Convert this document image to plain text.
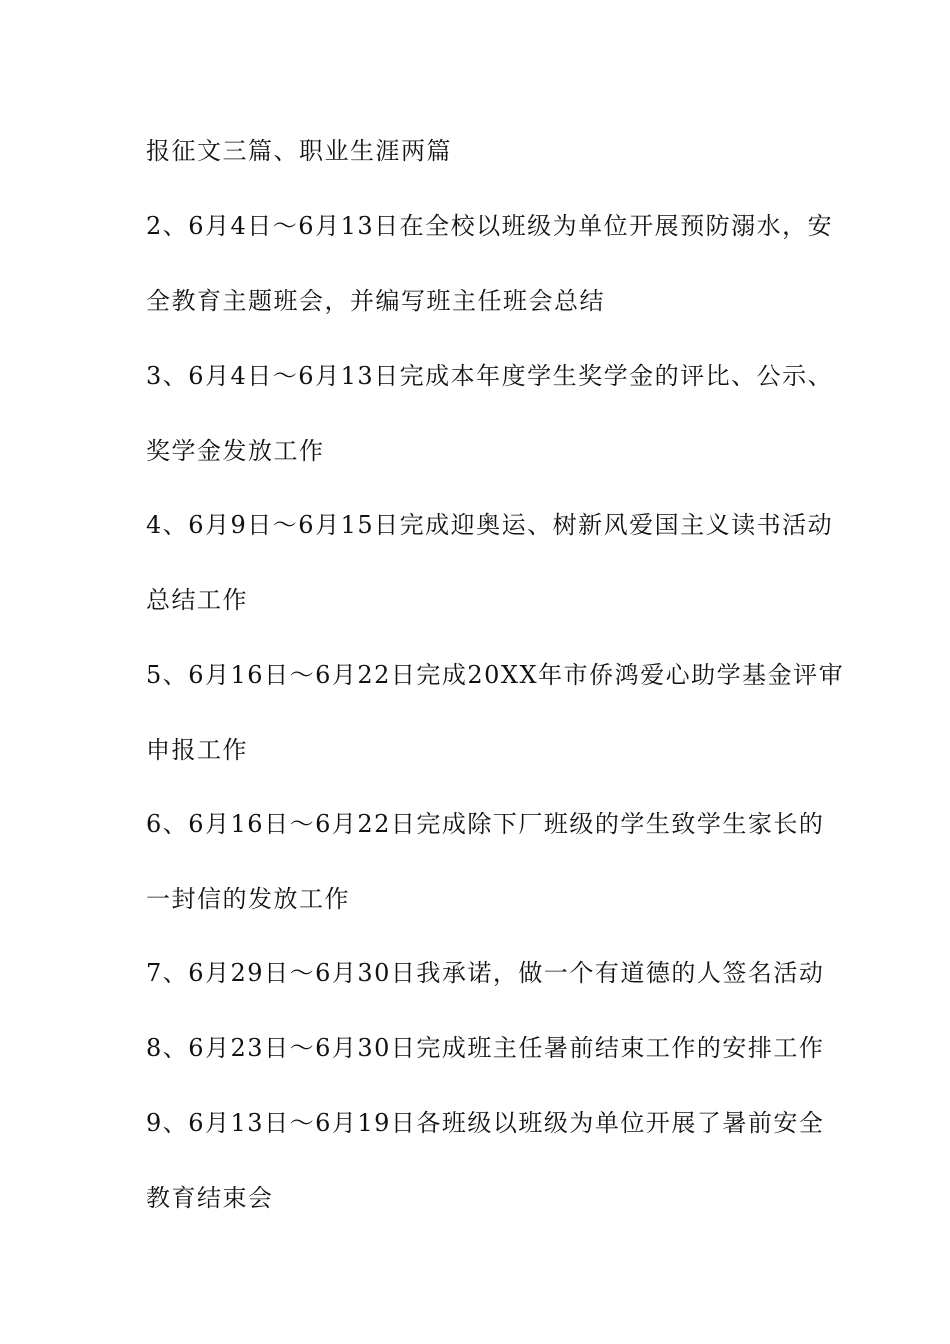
报征文三篇、职业生涯两篇
2、6月4日～6月13日在全校以班级为单位开展预防溺水，安
全教育主题班会，并编写班主任班会总结
3、6月4日～6月13日完成本年度学生奖学金的评比、公示、
奖学金发放工作
4、6月9日～6月15日完成迎奥运、树新风爱国主义读书活动
总结工作
5、6月16日～6月22日完成20XX年市侨鸿爱心助学基金评审
申报工作
6、6月16日～6月22日完成除下厂班级的学生致学生家长的
一封信的发放工作
7、6月29日～6月30日我承诺，做一个有道德的人签名活动
8、6月23日～6月30日完成班主任暑前结束工作的安排工作
9、6月13日～6月19日各班级以班级为单位开展了暑前安全
教育结束会
